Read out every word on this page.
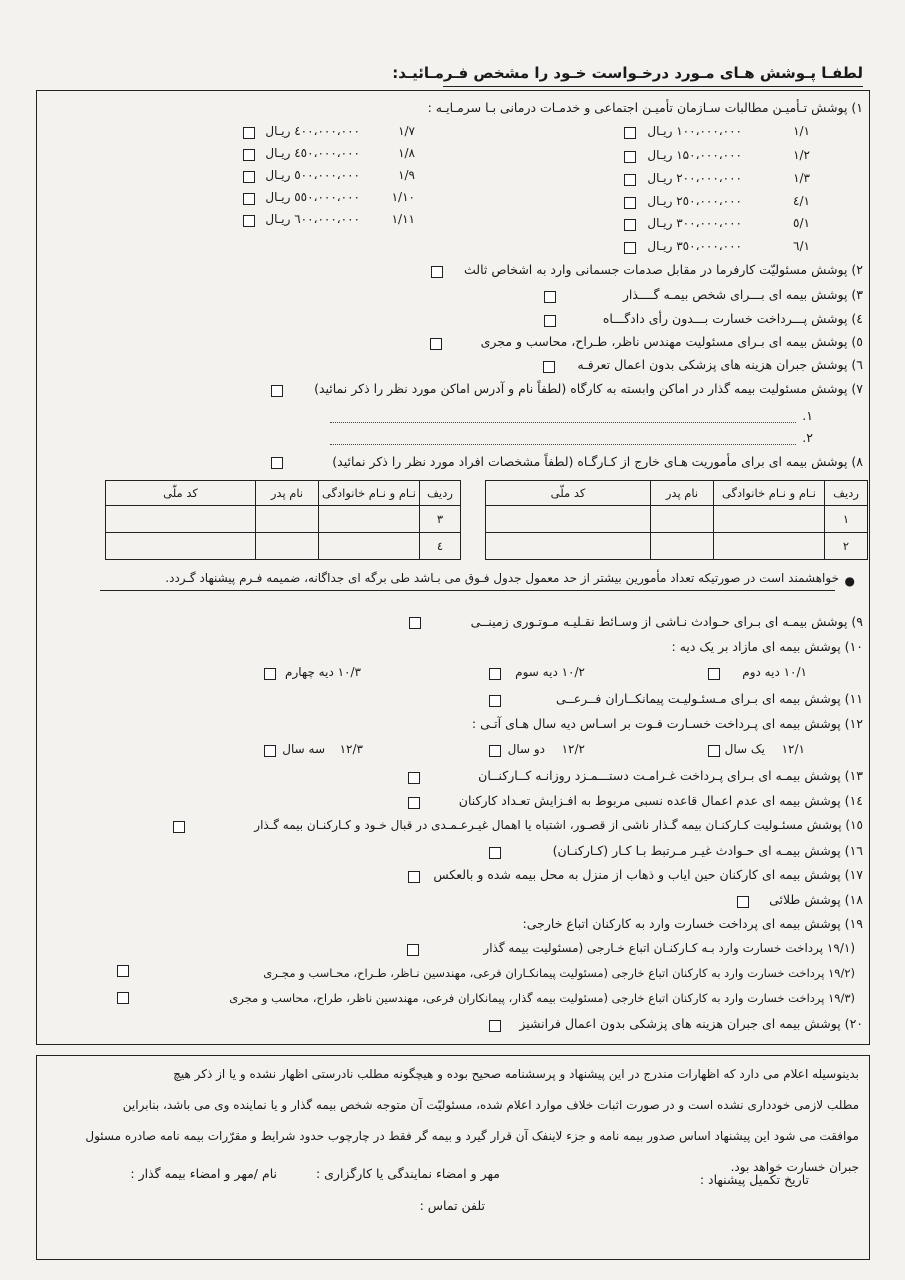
لطفـا پـوشش هـای مـورد درخـواست خـود را مشخص فـرمـائیـد:
۱) پوشش تـأمیـن مطالبات سـازمان تأمیـن اجتماعی و خدمـات درمانی بـا سرمـایـه :
۱/۱
۱۰۰،۰۰۰،۰۰۰ ریـال
۱/۲
۱۵۰،۰۰۰،۰۰۰ ریـال
۱/۳
۲۰۰،۰۰۰،۰۰۰ ریـال
۱/٤
٢٥۰،۰۰۰،۰۰۰ ریـال
۱/٥
٣۰۰،۰۰۰،۰۰۰ ریـال
۱/٦
٣٥۰،۰۰۰،۰۰۰ ریـال
۱/۷
٤۰۰،۰۰۰،۰۰۰ ریـال
۱/۸
٤٥۰،۰۰۰،۰۰۰ ریـال
۱/۹
٥۰۰،۰۰۰،۰۰۰ ریـال
۱/۱۰
٥٥۰،۰۰۰،۰۰۰ ریـال
۱/۱۱
٦۰۰،۰۰۰،۰۰۰ ریـال
۲) پوشش مسئولیّت کارفرما در مقابل صدمات جسمانی وارد به اشخاص ثالث
۳) پوشش بیمه ای بـــرای شخص بیمـه گــــذار
٤) پوشش پـــرداخت خسارت بـــدون رأی دادگـــاه
٥) پوشش بیمه ای بـرای مسئولیت مهندس ناظر، طـراح، محاسب و مجری
٦) پوشش جبران هزینه های پزشکی بدون اعمال تعرفـه
۷) پوشش مسئولیت بیمه گذار در اماکن وابسته به کارگاه (لطفاً نام و آدرس اماکن مورد نظر را ذکر نمائید)
۱.
۲.
۸) پوشش بیمه ای برای مأموریت هـای خارج از کـارگـاه (لطفاً مشخصات افراد مورد نظر را ذکر نمائید)
ردیف	نـام و نـام خانوادگی	نام پدر	کد ملّی
۱			
۲			
ردیف	نـام و نـام خانوادگی	نام پدر	کد ملّی
۳			
٤			
●
خواهشمند است در صورتیکه تعداد مأمورین بیشتر از حد معمول جدول فـوق می بـاشد طی برگه ای جداگانه، ضمیمه فـرم پیشنهاد گـردد.
۹) پوشش بیمـه ای بـرای حـوادث نـاشی از وسـائط نقـلیـه مـوتـوری زمینــی
۱۰) پوشش بیمه ای مازاد بر یک دیه :
۱۰/۱ دیه دوم
۱۰/۲ دیه سوم
۱۰/۳ دیه چهارم
۱۱) پوشش بیمه ای بـرای مـسئـولیـت پیمانکــاران فــرعــی
۱۲) پوشش بیمه ای پـرداخت خسـارت فـوت بر اسـاس دیه سال هـای آتـی :
۱۲/۱
یک سال
۱۲/۲
دو سال
۱۲/۳
سه سال
۱۳) پوشش بیمـه ای بـرای پـرداخت غـرامـت دستـــمـزد روزانـه کــارکنــان
۱٤) پوشش بیمه ای عدم اعمال قاعده نسبی مربوط به افـزایش تعـداد کارکنان
۱٥) پوشش مسئـولیت کـارکنـان بیمه گـذار ناشی از قصـور، اشتباه یا اهمال غیـرعـمـدی در قبال خـود و کـارکنـان بیمه گـذار
۱٦) پوشش بیمـه ای حـوادث غیـر مـرتبط بـا کـار (کـارکنـان)
۱۷) پوشش بیمه ای کارکنان حین ایاب و ذهاب از منزل به محل بیمه شده و بالعکس
۱۸) پوشش طلائی
۱۹) پوشش بیمه ای پرداخت خسارت وارد به کارکنان اتباع خارجی:
(۱۹/۱ پرداخت خسارت وارد بـه کـارکنـان اتباع خـارجی (مسئولیت بیمه گذار
(۱۹/۲ پرداخت خسارت وارد به کارکنان اتباع خارجی (مسئولیت پیمانکـاران فرعی، مهندسین نـاظر، طـراح، محـاسب و مجـری
(۱۹/۳ پرداخت خسارت وارد به کارکنان اتباع خارجی (مسئولیت بیمه گذار، پیمانکاران فرعی، مهندسین ناظر، طراح، محاسب و مجری
۲۰) پوشش بیمه ای جبران هزینه های پزشکی بدون اعمال فرانشیز
بدینوسیله اعلام می دارد که اظهارات مندرج در این پیشنهاد و پرسشنامه صحیح بوده و هیچگونه مطلب نادرستی اظهار نشده و یا از ذکر هیچ
مطلب لازمی خودداری نشده است و در صورت اثبات خلاف موارد اعلام شده، مسئولیّت آن متوجه شخص بیمه گذار و یا نماینده وی می باشد، بنابراین
موافقت می شود این پیشنهاد اساس صدور بیمه نامه و جزء لاینفک آن قرار گیرد و بیمه گر فقط در چارچوب حدود شرایط و مقرّرات بیمه نامه صادره مسئول
جبران خسارت خواهد بود.
تاریخ تکمیل پیشنهاد :
مهر و امضاء نمایندگی یا کارگزاری :
نام /مهر و امضاء بیمه گذار :
تلفن تماس :
